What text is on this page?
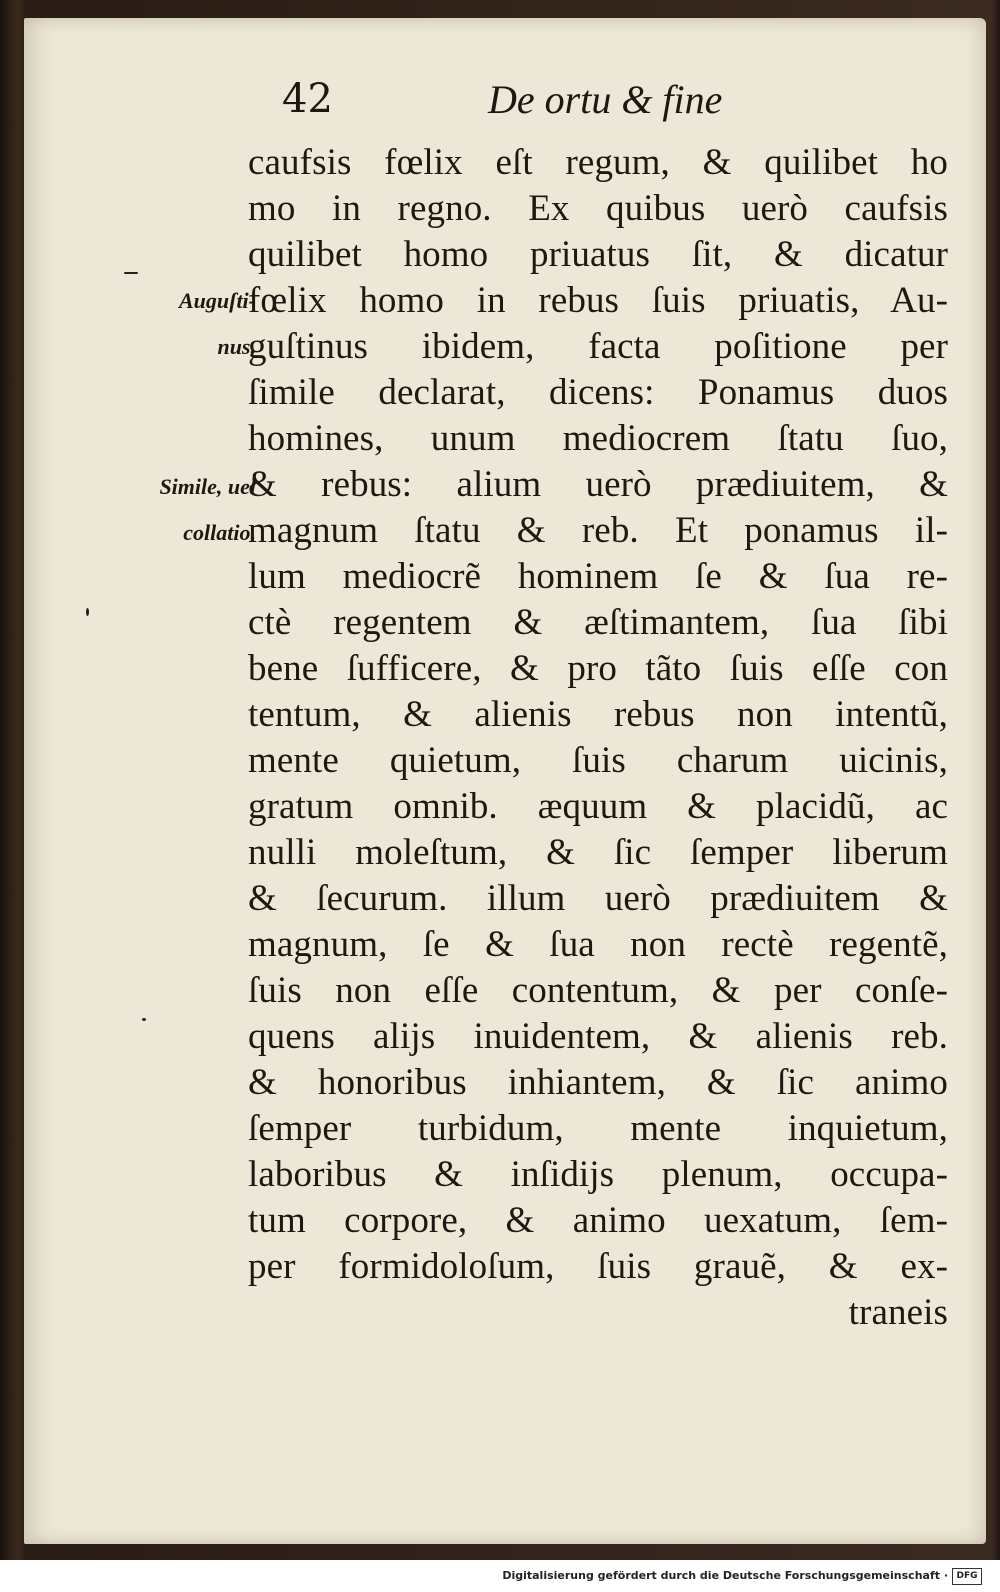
42	De ortu & fine
Auguſti-
nus.
Simile, uel
collatio.
caufsis fœlix eſt regum, & quilibet ho
mo in regno. Ex quibus uerò caufsis
quilibet homo priuatus ſit, & dicatur
fœlix homo in rebus ſuis priuatis, Au-
guſtinus ibidem, facta poſitione per
ſimile declarat, dicens: Ponamus duos
homines, unum mediocrem ſtatu ſuo,
& rebus: alium uerò prædiuitem, &
magnum ſtatu & reb. Et ponamus il-
lum mediocrẽ hominem ſe & ſua re-
ctè regentem & æſtimantem, ſua ſibi
bene ſufficere, & pro tãto ſuis eſſe con
tentum, & alienis rebus non intentũ,
mente quietum, ſuis charum uicinis,
gratum omnib. æquum & placidũ, ac
nulli moleſtum, & ſic ſemper liberum
& ſecurum. illum uerò prædiuitem &
magnum, ſe & ſua non rectè regentẽ,
ſuis non eſſe contentum, & per conſe-
quens alijs inuidentem, & alienis reb.
& honoribus inhiantem, & ſic animo
ſemper turbidum, mente inquietum,
laboribus & inſidijs plenum, occupa-
tum corpore, & animo uexatum, ſem-
per formidoloſum, ſuis grauẽ, & ex-
traneis
Digitalisierung gefördert durch die Deutsche Forschungsgemeinschaft · DFG
